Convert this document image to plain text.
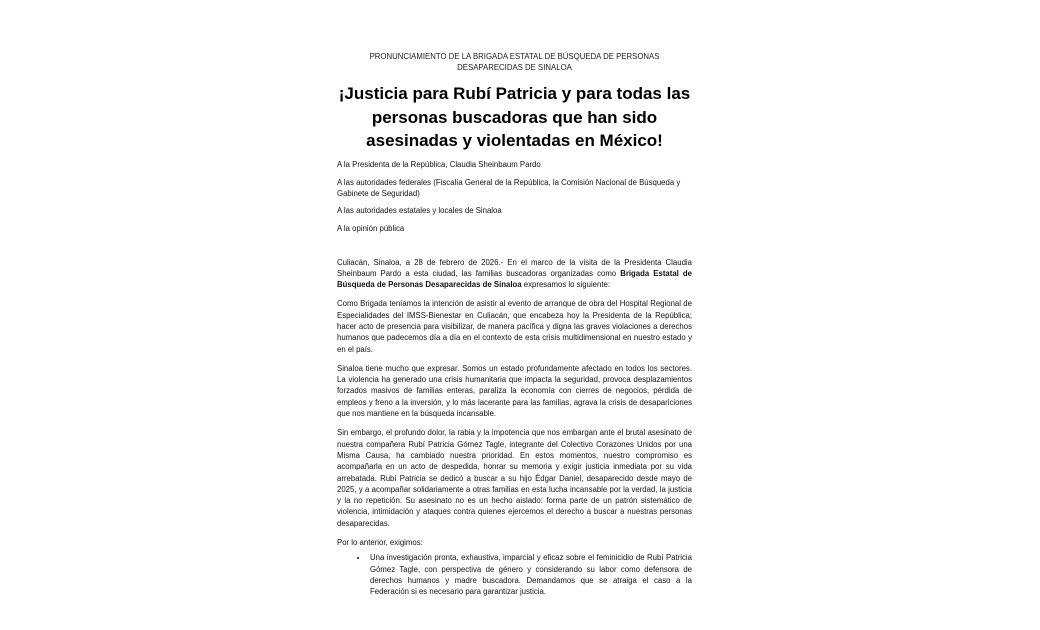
PRONUNCIAMIENTO DE LA BRIGADA ESTATAL DE BÚSQUEDA DE PERSONAS DESAPARECIDAS DE SINALOA
¡Justicia para Rubí Patricia y para todas las personas buscadoras que han sido asesinadas y violentadas en México!

A la Presidenta de la República, Claudia Sheinbaum Pardo

A las autoridades federales (Fiscalía General de la República, la Comisión Nacional de Búsqueda y Gabinete de Seguridad)

A las autoridades estatales y locales de Sinaloa

A la opinión pública

Culiacán, Sinaloa, a 28 de febrero de 2026.- En el marco de la visita de la Presidenta Claudia Sheinbaum Pardo a esta ciudad, las familias buscadoras organizadas como Brigada Estatal de Búsqueda de Personas Desaparecidas de Sinaloa expresamos lo siguiente:

Como Brigada teníamos la intención de asistir al evento de arranque de obra del Hospital Regional de Especialidades del IMSS-Bienestar en Culiacán, que encabeza hoy la Presidenta de la República; hacer acto de presencia para visibilizar, de manera pacífica y digna las graves violaciones a derechos humanos que padecemos día a día en el contexto de esta crisis multidimensional en nuestro estado y en el país.

Sinaloa tiene mucho que expresar. Somos un estado profundamente afectado en todos los sectores. La violencia ha generado una crisis humanitaria que impacta la seguridad, provoca desplazamientos forzados masivos de familias enteras, paraliza la economía con cierres de negocios, pérdida de empleos y freno a la inversión, y lo más lacerante para las familias, agrava la crisis de desapariciones que nos mantiene en la búsqueda incansable.

Sin embargo, el profundo dolor, la rabia y la impotencia que nos embargan ante el brutal asesinato de nuestra compañera Rubí Patricia Gómez Tagle, integrante del Colectivo Corazones Unidos por una Misma Causa, ha cambiado nuestra prioridad. En estos momentos, nuestro compromiso es acompañarla en un acto de despedida, honrar su memoria y exigir justicia inmediata por su vida arrebatada. Rubí Patricia se dedicó a buscar a su hijo Édgar Daniel, desaparecido desde mayo de 2025, y a acompañar solidariamente a otras familias en esta lucha incansable por la verdad, la justicia y la no repetición. Su asesinato no es un hecho aislado: forma parte de un patrón sistemático de violencia, intimidación y ataques contra quienes ejercemos el derecho a buscar a nuestras personas desaparecidas.

Por lo anterior, exigimos:

• Una investigación pronta, exhaustiva, imparcial y eficaz sobre el feminicidio de Rubí Patricia Gómez Tagle, con perspectiva de género y considerando su labor como defensora de derechos humanos y madre buscadora. Demandamos que se atraiga el caso a la Federación si es necesario para garantizar justicia.
